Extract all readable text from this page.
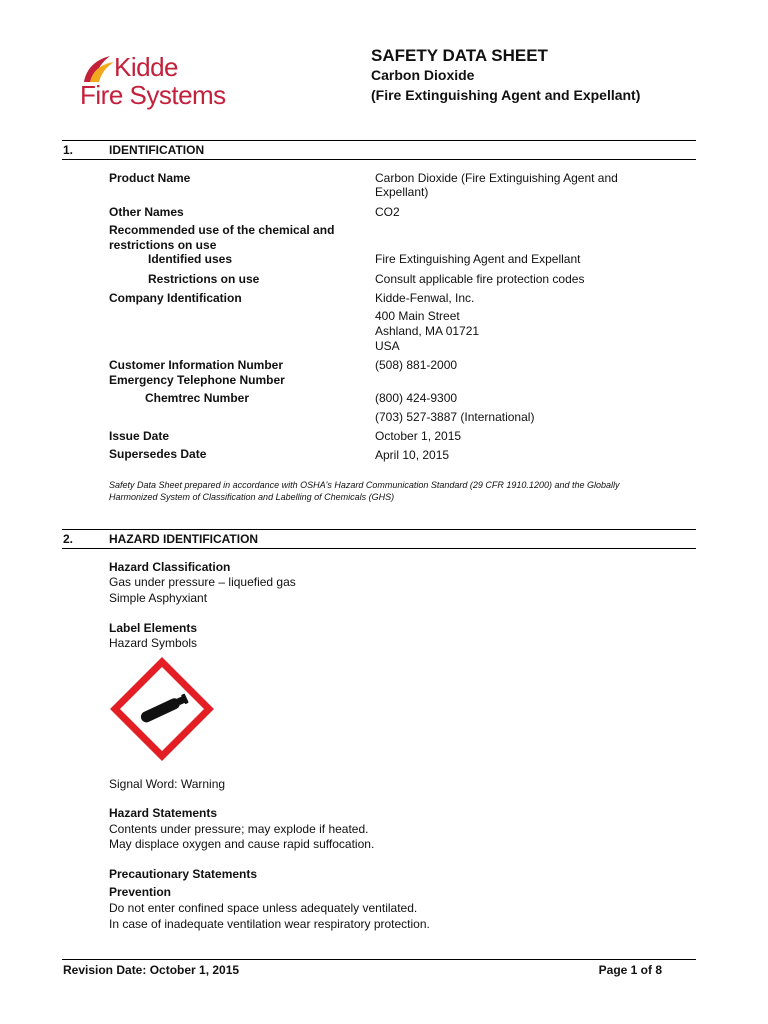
Kidde
Fire Systems
SAFETY DATA SHEET
Carbon Dioxide
(Fire Extinguishing Agent and Expellant)
1.	IDENTIFICATION
Product Name	Carbon Dioxide (Fire Extinguishing Agent and
Expellant)
Other Names	CO2
Recommended use of the chemical and
restrictions on use
Identified uses	Fire Extinguishing Agent and Expellant
Restrictions on use	Consult applicable fire protection codes
Company Identification	Kidde-Fenwal, Inc.
400 Main Street
Ashland, MA 01721
USA
Customer Information Number	(508) 881-2000
Emergency Telephone Number
Chemtrec Number	(800) 424-9300
(703) 527-3887 (International)
Issue Date	October 1, 2015
Supersedes Date	April 10, 2015
Safety Data Sheet prepared in accordance with OSHA's Hazard Communication Standard (29 CFR 1910.1200) and the Globally
Harmonized System of Classification and Labelling of Chemicals (GHS)
2.	HAZARD IDENTIFICATION
Hazard Classification
Gas under pressure – liquefied gas
Simple Asphyxiant
Label Elements
Hazard Symbols
Signal Word: Warning
Hazard Statements
Contents under pressure; may explode if heated.
May displace oxygen and cause rapid suffocation.
Precautionary Statements
Prevention
Do not enter confined space unless adequately ventilated.
In case of inadequate ventilation wear respiratory protection.
Revision Date: October 1, 2015	Page 1 of 8
